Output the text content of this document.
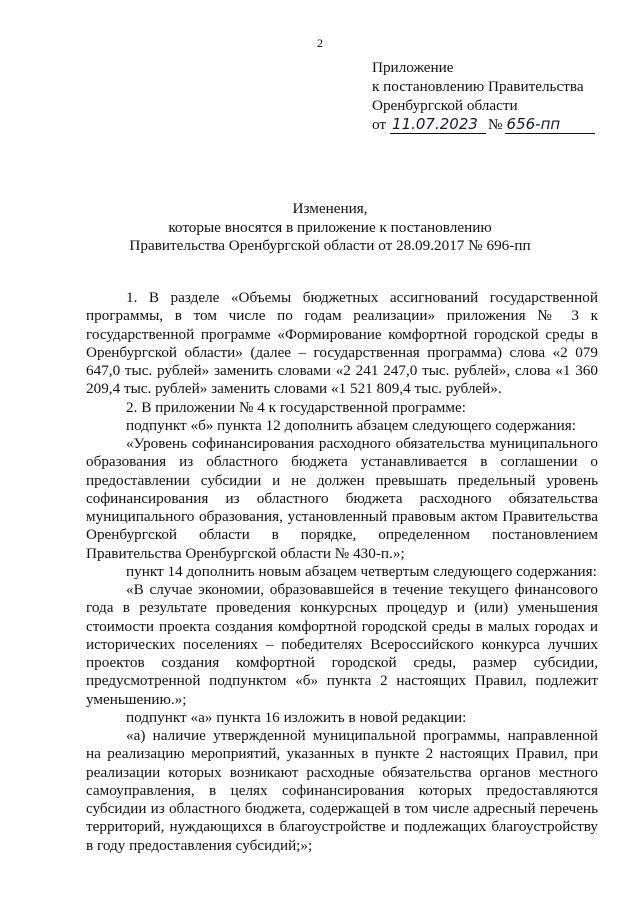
2
Приложение
к постановлению Правительства
Оренбургской области
от 11.07.2023 № 656-пп
Изменения,
которые вносятся в приложение к постановлению
Правительства Оренбургской области от 28.09.2017 № 696-пп

1. В разделе «Объемы бюджетных ассигнований государственной программы, в том числе по годам реализации» приложения № 3 к государственной программе «Формирование комфортной городской среды в Оренбургской области» (далее – государственная программа) слова «2 079 647,0 тыс. рублей» заменить словами «2 241 247,0 тыс. рублей», слова «1 360 209,4 тыс. рублей» заменить словами «1 521 809,4 тыс. рублей».

2. В приложении № 4 к государственной программе:

подпункт «б» пункта 12 дополнить абзацем следующего содержания:

«Уровень софинансирования расходного обязательства муниципального образования из областного бюджета устанавливается в соглашении о предоставлении субсидии и не должен превышать предельный уровень софинансирования из областного бюджета расходного обязательства муниципального образования, установленный правовым актом Правительства Оренбургской области в порядке, определенном постановлением Правительства Оренбургской области № 430-п.»;

пункт 14 дополнить новым абзацем четвертым следующего содержания:

«В случае экономии, образовавшейся в течение текущего финансового года в результате проведения конкурсных процедур и (или) уменьшения стоимости проекта создания комфортной городской среды в малых городах и исторических поселениях – победителях Всероссийского конкурса лучших проектов создания комфортной городской среды, размер субсидии, предусмотренной подпунктом «б» пункта 2 настоящих Правил, подлежит уменьшению.»;

подпункт «а» пункта 16 изложить в новой редакции:

«а) наличие утвержденной муниципальной программы, направленной на реализацию мероприятий, указанных в пункте 2 настоящих Правил, при реализации которых возникают расходные обязательства органов местного самоуправления, в целях софинансирования которых предоставляются субсидии из областного бюджета, содержащей в том числе адресный перечень территорий, нуждающихся в благоустройстве и подлежащих благоустройству в году предоставления субсидий;»;
